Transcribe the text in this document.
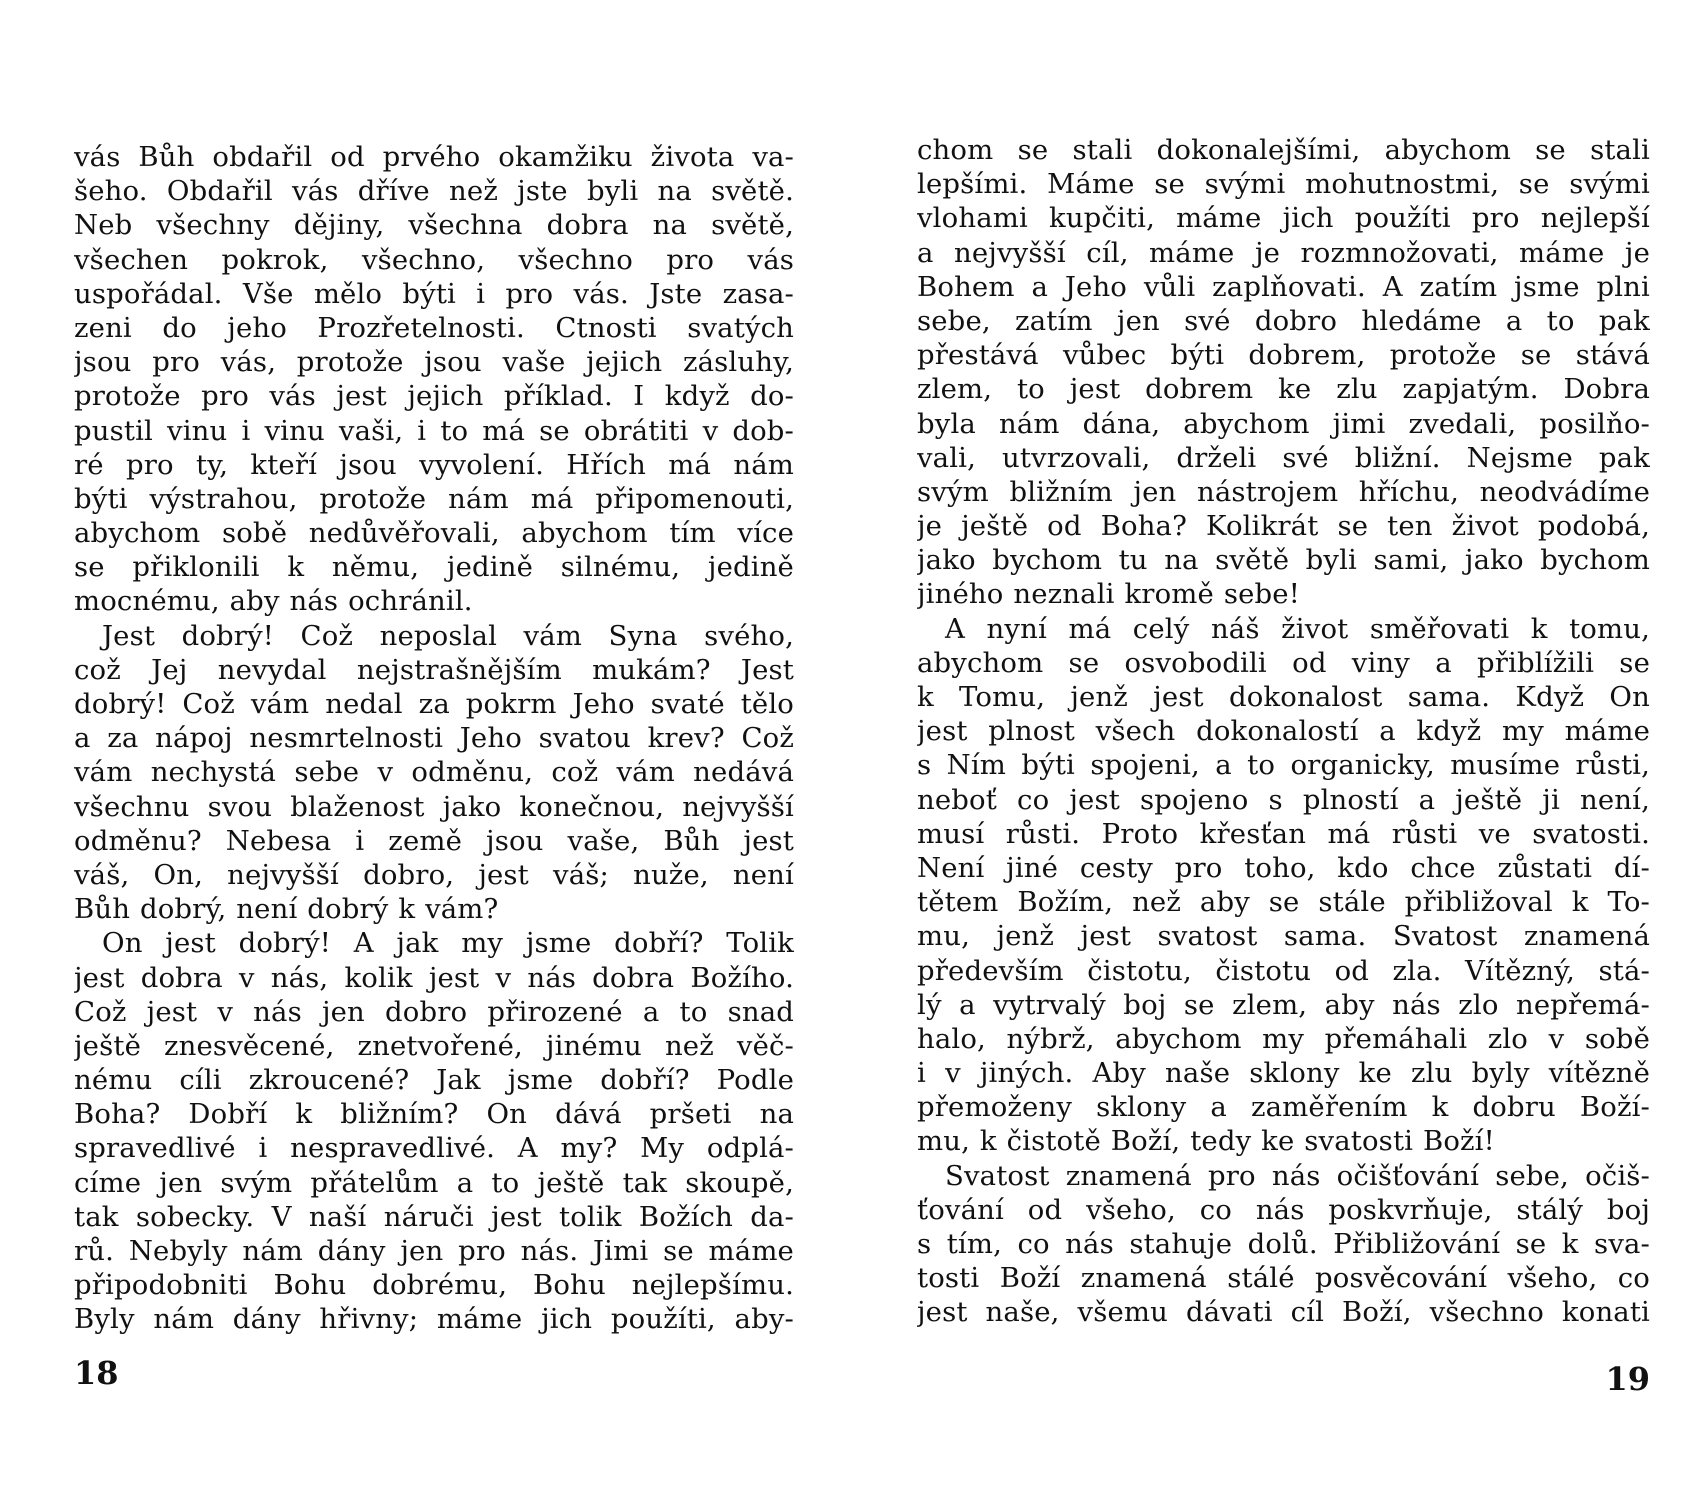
vás Bůh obdařil od prvého okamžiku života va-
šeho. Obdařil vás dříve než jste byli na světě.
Neb všechny dějiny, všechna dobra na světě,
všechen pokrok, všechno, všechno pro vás
uspořádal. Vše mělo býti i pro vás. Jste zasa-
zeni do jeho Prozřetelnosti. Ctnosti svatých
jsou pro vás, protože jsou vaše jejich zásluhy,
protože pro vás jest jejich příklad. I když do-
pustil vinu i vinu vaši, i to má se obrátiti v dob-
ré pro ty, kteří jsou vyvolení. Hřích má nám
býti výstrahou, protože nám má připomenouti,
abychom sobě nedůvěřovali, abychom tím více
se přiklonili k němu, jedině silnému, jedině
mocnému, aby nás ochránil.
Jest dobrý! Což neposlal vám Syna svého,
což Jej nevydal nejstrašnějším mukám? Jest
dobrý! Což vám nedal za pokrm Jeho svaté tělo
a za nápoj nesmrtelnosti Jeho svatou krev? Což
vám nechystá sebe v odměnu, což vám nedává
všechnu svou blaženost jako konečnou, nejvyšší
odměnu? Nebesa i země jsou vaše, Bůh jest
váš, On, nejvyšší dobro, jest váš; nuže, není
Bůh dobrý, není dobrý k vám?
On jest dobrý! A jak my jsme dobří? Tolik
jest dobra v nás, kolik jest v nás dobra Božího.
Což jest v nás jen dobro přirozené a to snad
ještě znesvěcené, znetvořené, jinému než věč-
nému cíli zkroucené? Jak jsme dobří? Podle
Boha? Dobří k bližním? On dává pršeti na
spravedlivé i nespravedlivé. A my? My odplá-
címe jen svým přátelům a to ještě tak skoupě,
tak sobecky. V naší náruči jest tolik Božích da-
rů. Nebyly nám dány jen pro nás. Jimi se máme
připodobniti Bohu dobrému, Bohu nejlepšímu.
Byly nám dány hřivny; máme jich použíti, aby-
18
chom se stali dokonalejšími, abychom se stali
lepšími. Máme se svými mohutnostmi, se svými
vlohami kupčiti, máme jich použíti pro nejlepší
a nejvyšší cíl, máme je rozmnožovati, máme je
Bohem a Jeho vůli zaplňovati. A zatím jsme plni
sebe, zatím jen své dobro hledáme a to pak
přestává vůbec býti dobrem, protože se stává
zlem, to jest dobrem ke zlu zapjatým. Dobra
byla nám dána, abychom jimi zvedali, posilňo-
vali, utvrzovali, drželi své bližní. Nejsme pak
svým bližním jen nástrojem hříchu, neodvádíme
je ještě od Boha? Kolikrát se ten život podobá,
jako bychom tu na světě byli sami, jako bychom
jiného neznali kromě sebe!
A nyní má celý náš život směřovati k tomu,
abychom se osvobodili od viny a přiblížili se
k Tomu, jenž jest dokonalost sama. Když On
jest plnost všech dokonalostí a když my máme
s Ním býti spojeni, a to organicky, musíme růsti,
neboť co jest spojeno s plností a ještě ji není,
musí růsti. Proto křesťan má růsti ve svatosti.
Není jiné cesty pro toho, kdo chce zůstati dí-
tětem Božím, než aby se stále přibližoval k To-
mu, jenž jest svatost sama. Svatost znamená
především čistotu, čistotu od zla. Vítězný, stá-
lý a vytrvalý boj se zlem, aby nás zlo nepřemá-
halo, nýbrž, abychom my přemáhali zlo v sobě
i v jiných. Aby naše sklony ke zlu byly vítězně
přemoženy sklony a zaměřením k dobru Boží-
mu, k čistotě Boží, tedy ke svatosti Boží!
Svatost znamená pro nás očišťování sebe, očiš-
ťování od všeho, co nás poskvrňuje, stálý boj
s tím, co nás stahuje dolů. Přibližování se k sva-
tosti Boží znamená stálé posvěcování všeho, co
jest naše, všemu dávati cíl Boží, všechno konati
19
